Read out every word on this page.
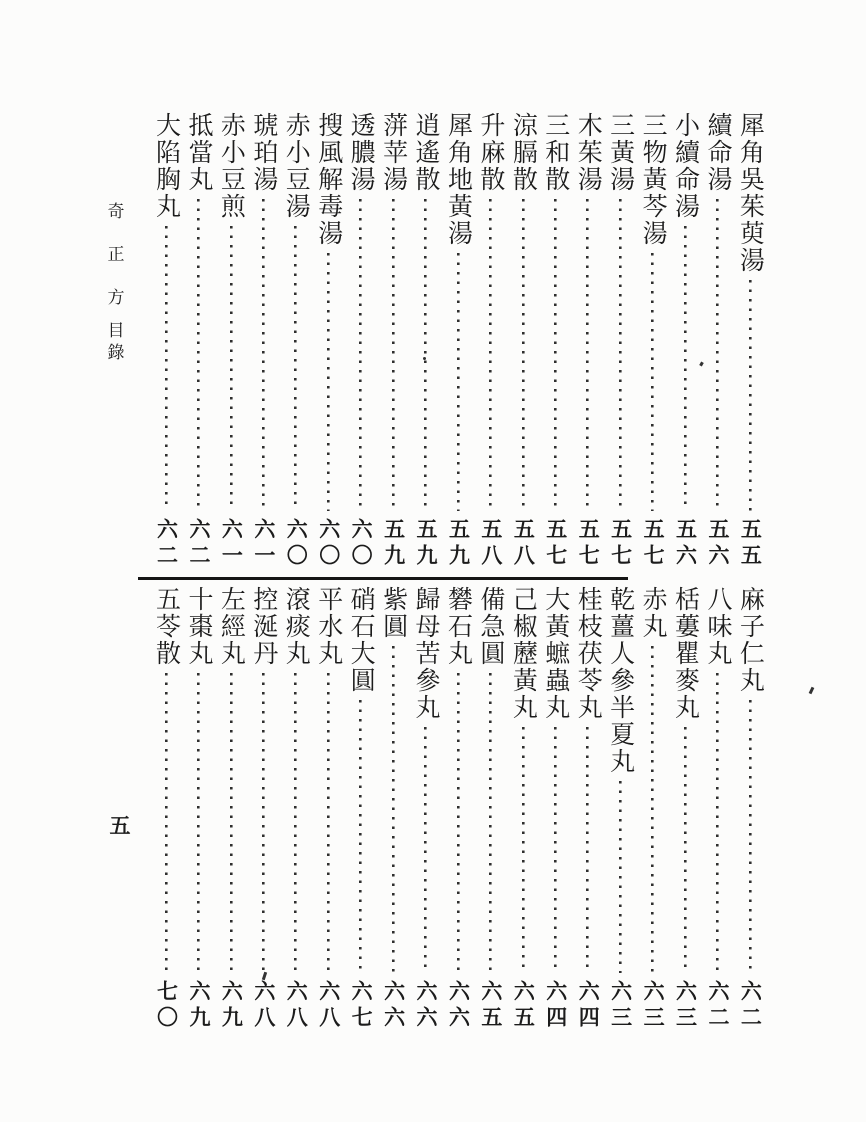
奇
正
方
目
錄
五
犀角吳茱萸湯
五五
續命湯
五六
小續命湯
五六
三物黃芩湯
五七
三黃湯
五七
木茱湯
五七
三和散
五七
涼膈散
五八
升麻散
五八
犀角地黃湯
五九
逍遙散
五九
蓱苹湯
五九
透膿湯
六〇
搜風解毒湯
六〇
赤小豆湯
六〇
琥珀湯
六一
赤小豆煎
六一
抵當丸
六二
大陷胸丸
六二
麻子仁丸
六二
八味丸
六二
栝蔞瞿麥丸
六三
赤丸
六三
乾薑人參半夏丸
六三
桂枝茯苓丸
六四
大黃蟅蟲丸
六四
己椒藶黃丸
六五
備急圓
六五
礬石丸
六六
歸母苦參丸
六六
紫圓
六六
硝石大圓
六七
平水丸
六八
滾痰丸
六八
控涎丹
六八
左經丸
六九
十棗丸
六九
五苓散
七〇
